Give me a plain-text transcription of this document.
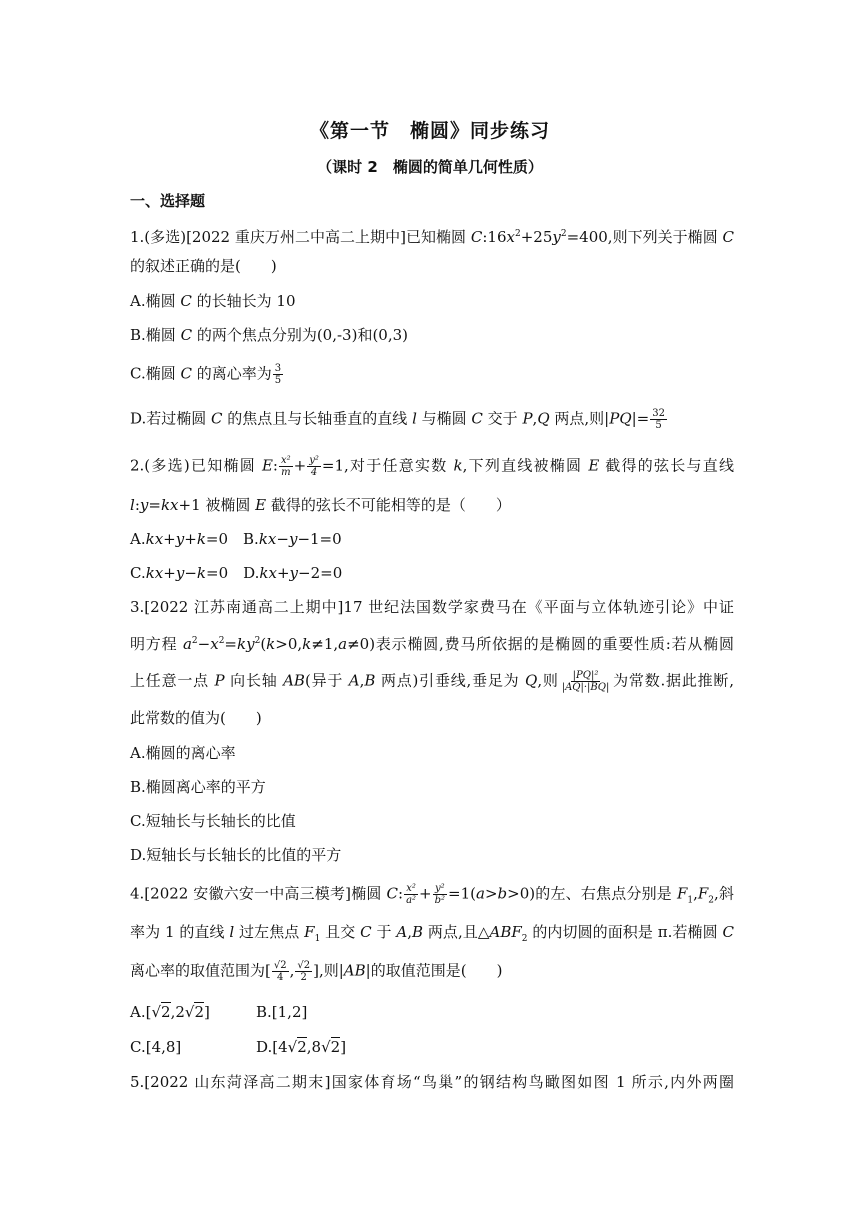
《第一节　椭圆》同步练习
（课时 2　椭圆的简单几何性质）
一、选择题
1.(多选)[2022 重庆万州二中高二上期中]已知椭圆 $C:16x^2+25y^2=400$,则下列关于椭圆 C
的叙述正确的是(　　)
A.椭圆 C 的长轴长为 10
B.椭圆 C 的两个焦点分别为(0,-3)和(0,3)
C.椭圆 C 的离心率为 $\frac{3}{5}$
D.若过椭圆 C 的焦点且与长轴垂直的直线 l 与椭圆 C 交于 P,Q 两点,则$|PQ|= \frac{32}{5}$
2.(多选)已知椭圆 E: $\frac{\text{x²}}{m} + \frac{\text{y²}}{4} =1$,对于任意实数 k,下列直线被椭圆 E 截得的弦长与直线
l:y=kx+1 被椭圆 E 截得的弦长不可能相等的是（　　）
A.kx+y+k=0　B.kx−y−1=0
C.kx+y−k=0　D.kx+y−2=0
3.[2022 江苏南通高二上期中]17 世纪法国数学家费马在《平面与立体轨迹引论》中证
明方程 $a^2-x^2=ky^2(k>0,k\ne 1,a\ne 0)$表示椭圆,费马所依据的是椭圆的重要性质:若从椭圆
上任意一点 P 向长轴 AB(异于 A,B 两点)引垂线,垂足为 Q,则 $\frac{\text{|PQ|²}}{|AQ|\cdot|BQ|}$ 为常数.据此推断,
此常数的值为(　　)
A.椭圆的离心率
B.椭圆离心率的平方
C.短轴长与长轴长的比值
D.短轴长与长轴长的比值的平方
4.[2022 安徽六安一中高三模考]椭圆 C: $\frac{\text{x²}}{\text{a²}} + \frac{\text{y²}}{\text{b²}} =1(a>b>0)$的左、右焦点分别是 $F_1,F_2$,斜
率为 1 的直线 l 过左焦点 $F_1$ 且交 C 于 A,B 两点,且$\triangle ABF_2$ 的内切圆的面积是 π.若椭圆 C
离心率的取值范围为[ $\frac{√2}{4}$ , $\frac{√2}{2}$ ],则|AB|的取值范围是(　　)
A.[√2,2√2]	B.[1,2]
C.[4,8]	D.[4√2,8√2]
5.[2022 山东菏泽高二期末]国家体育场“鸟巢”的钢结构鸟瞰图如图 1 所示,内外两圈
